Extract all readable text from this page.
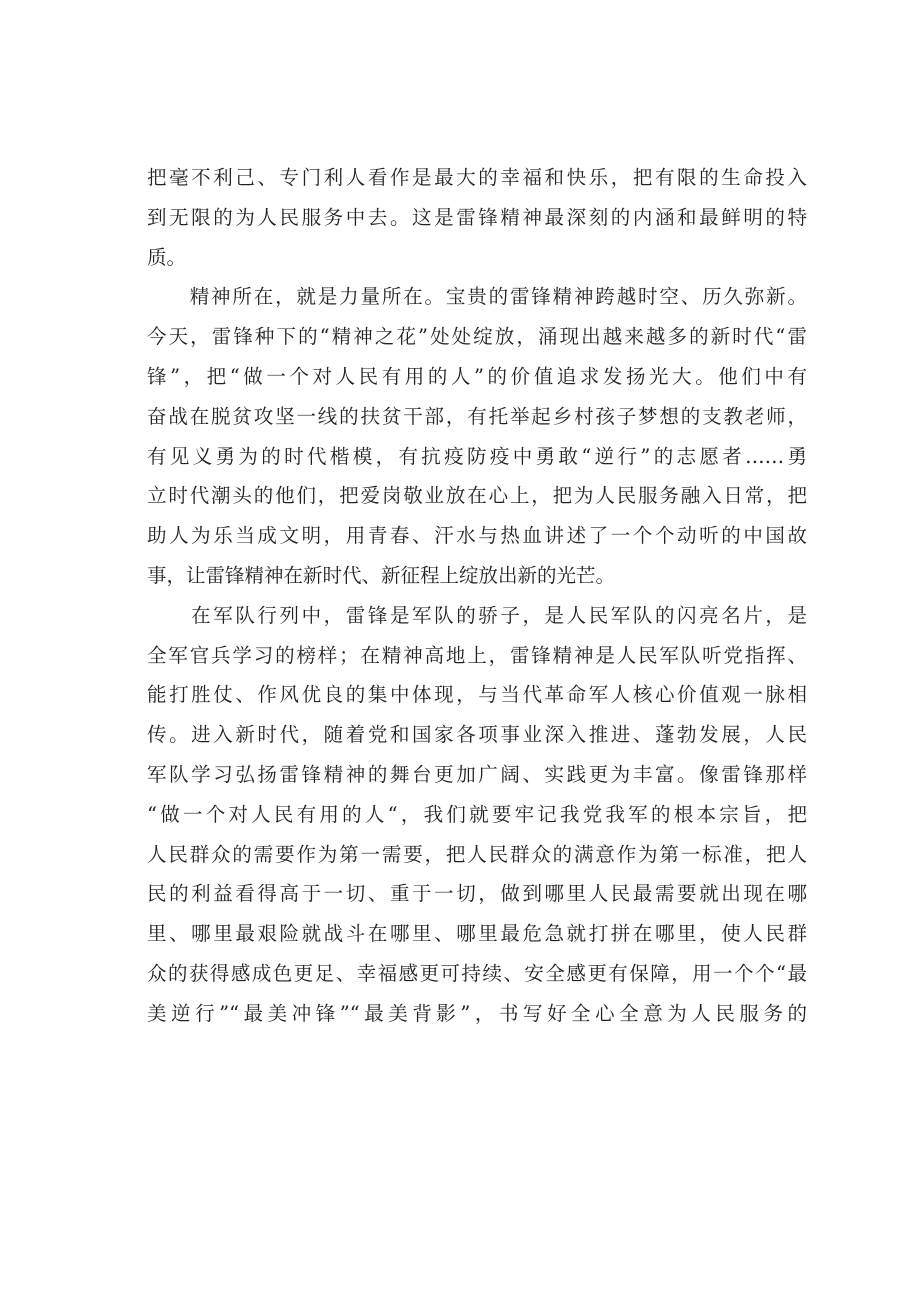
把毫不利己、专门利人看作是最大的幸福和快乐，把有限的生命投入
到无限的为人民服务中去。这是雷锋精神最深刻的内涵和最鲜明的特
质。
　　精神所在，就是力量所在。宝贵的雷锋精神跨越时空、历久弥新。
今天，雷锋种下的“精神之花”处处绽放，涌现出越来越多的新时代“雷
锋”，把“做一个对人民有用的人”的价值追求发扬光大。他们中有
奋战在脱贫攻坚一线的扶贫干部，有托举起乡村孩子梦想的支教老师，
有见义勇为的时代楷模，有抗疫防疫中勇敢“逆行”的志愿者……勇
立时代潮头的他们，把爱岗敬业放在心上，把为人民服务融入日常，把
助人为乐当成文明，用青春、汗水与热血讲述了一个个动听的中国故
事，让雷锋精神在新时代、新征程上绽放出新的光芒。
　　在军队行列中，雷锋是军队的骄子，是人民军队的闪亮名片，是
全军官兵学习的榜样；在精神高地上，雷锋精神是人民军队听党指挥、
能打胜仗、作风优良的集中体现，与当代革命军人核心价值观一脉相
传。进入新时代，随着党和国家各项事业深入推进、蓬勃发展，人民
军队学习弘扬雷锋精神的舞台更加广阔、实践更为丰富。像雷锋那样
“做一个对人民有用的人“，我们就要牢记我党我军的根本宗旨，把
人民群众的需要作为第一需要，把人民群众的满意作为第一标准，把人
民的利益看得高于一切、重于一切，做到哪里人民最需要就出现在哪
里、哪里最艰险就战斗在哪里、哪里最危急就打拼在哪里，使人民群
众的获得感成色更足、幸福感更可持续、安全感更有保障，用一个个“最
美逆行”“最美冲锋”“最美背影”，书写好全心全意为人民服务的
